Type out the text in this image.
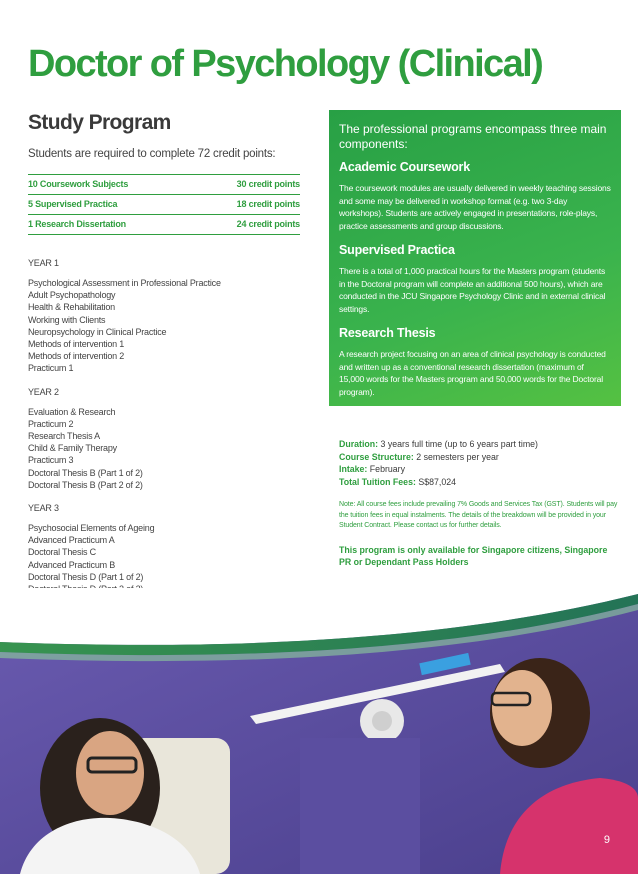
Doctor of Psychology (Clinical)
Study Program
Students are required to complete 72 credit points:
10 Coursework Subjects	30 credit points
5 Supervised Practica	18 credit points
1 Research Dissertation	24 credit points
YEAR 1
Psychological Assessment in Professional Practice
Adult Psychopathology
Health & Rehabilitation
Working with Clients
Neuropsychology in Clinical Practice
Methods of intervention 1
Methods of intervention 2
Practicum 1
YEAR 2
Evaluation & Research
Practicum 2
Research Thesis A
Child & Family Therapy
Practicum 3
Doctoral Thesis B (Part 1 of 2)
Doctoral Thesis B (Part 2 of 2)
YEAR 3
Psychosocial Elements of Ageing
Advanced Practicum A
Doctoral Thesis C
Advanced Practicum B
Doctoral Thesis D (Part 1 of 2)
The professional programs encompass three main components:
Academic Coursework
The coursework modules are usually delivered in weekly teaching sessions and some may be delivered in workshop format (e.g. two 3-day workshops). Students are actively engaged in presentations, role-plays, practice assessments and group discussions.
Supervised Practica
There is a total of 1,000 practical hours for the Masters program (students in the Doctoral program will complete an additional 500 hours), which are conducted in the JCU Singapore Psychology Clinic and in external clinical settings.
Research Thesis
A research project focusing on an area of clinical psychology is conducted and written up as a conventional research dissertation (maximum of 15,000 words for the Masters program and 50,000 words for the Doctoral program).
Duration: 3 years full time (up to 6 years part time)
Course Structure: 2 semesters per year
Intake: February
Total Tuition Fees: S$87,024
Note: All course fees include prevailing 7% Goods and Services Tax (GST). Students will pay the tuition fees in equal instalments. The details of the breakdown will be provided in your Student Contract. Please contact us for further details.
This program is only available for Singapore citizens, Singapore PR or Dependant Pass Holders
9
